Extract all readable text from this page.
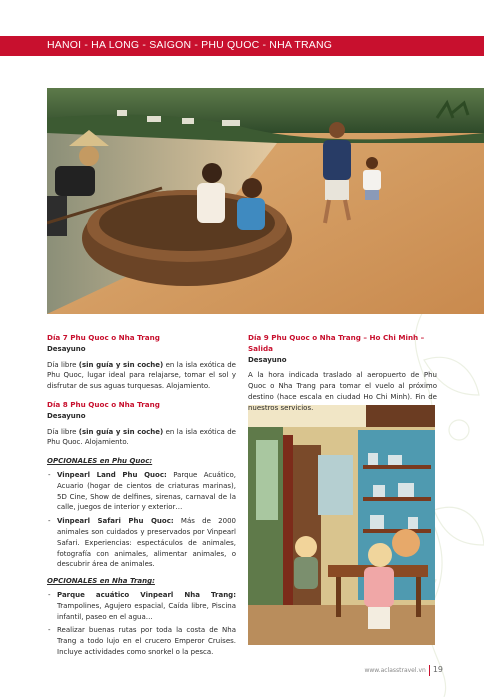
HANOI - HA LONG - SAIGON - PHU QUOC - NHA TRANG
Día 7 Phu Quoc o Nha Trang
Desayuno

Día libre (sin guía y sin coche) en la isla exótica de Phu Quoc, lugar ideal para relajarse, tomar el sol y disfrutar de sus aguas turquesas. Alojamiento.

Día 8 Phu Quoc o Nha Trang
Desayuno

Día libre (sin guía y sin coche) en la isla exótica de Phu Quoc. Alojamiento.

OPCIONALES en Phu Quoc:
- Vinpearl Land Phu Quoc: Parque Acuático, Acuario (hogar de cientos de criaturas marinas), 5D Cine, Show de delfines, sirenas, carnaval de la calle, juegos de interior y exterior…
- Vinpearl Safari Phu Quoc: Más de 2000 animales son cuidados y preservados por Vinpearl Safari. Experiencias: espectáculos de animales, fotografía con animales, alimentar animales, o descubrir área de animales.
OPCIONALES en Nha Trang:
- Parque acuático Vinpearl Nha Trang: Trampolines, Agujero espacial, Caída libre, Piscina infantil, paseo en el agua…
- Realizar buenas rutas por toda la costa de Nha Trang a todo lujo en el crucero Emperor Cruises. Incluye actividades como snorkel o la pesca.
Día 9 Phu Quoc o Nha Trang – Ho Chi Minh – Salida
Desayuno

A la hora indicada traslado al aeropuerto de Phu Quoc o Nha Trang para tomar el vuelo al próximo destino (hace escala en ciudad Ho Chi Minh). Fin de nuestros servicios.

www.aclasstravel.vn 19
